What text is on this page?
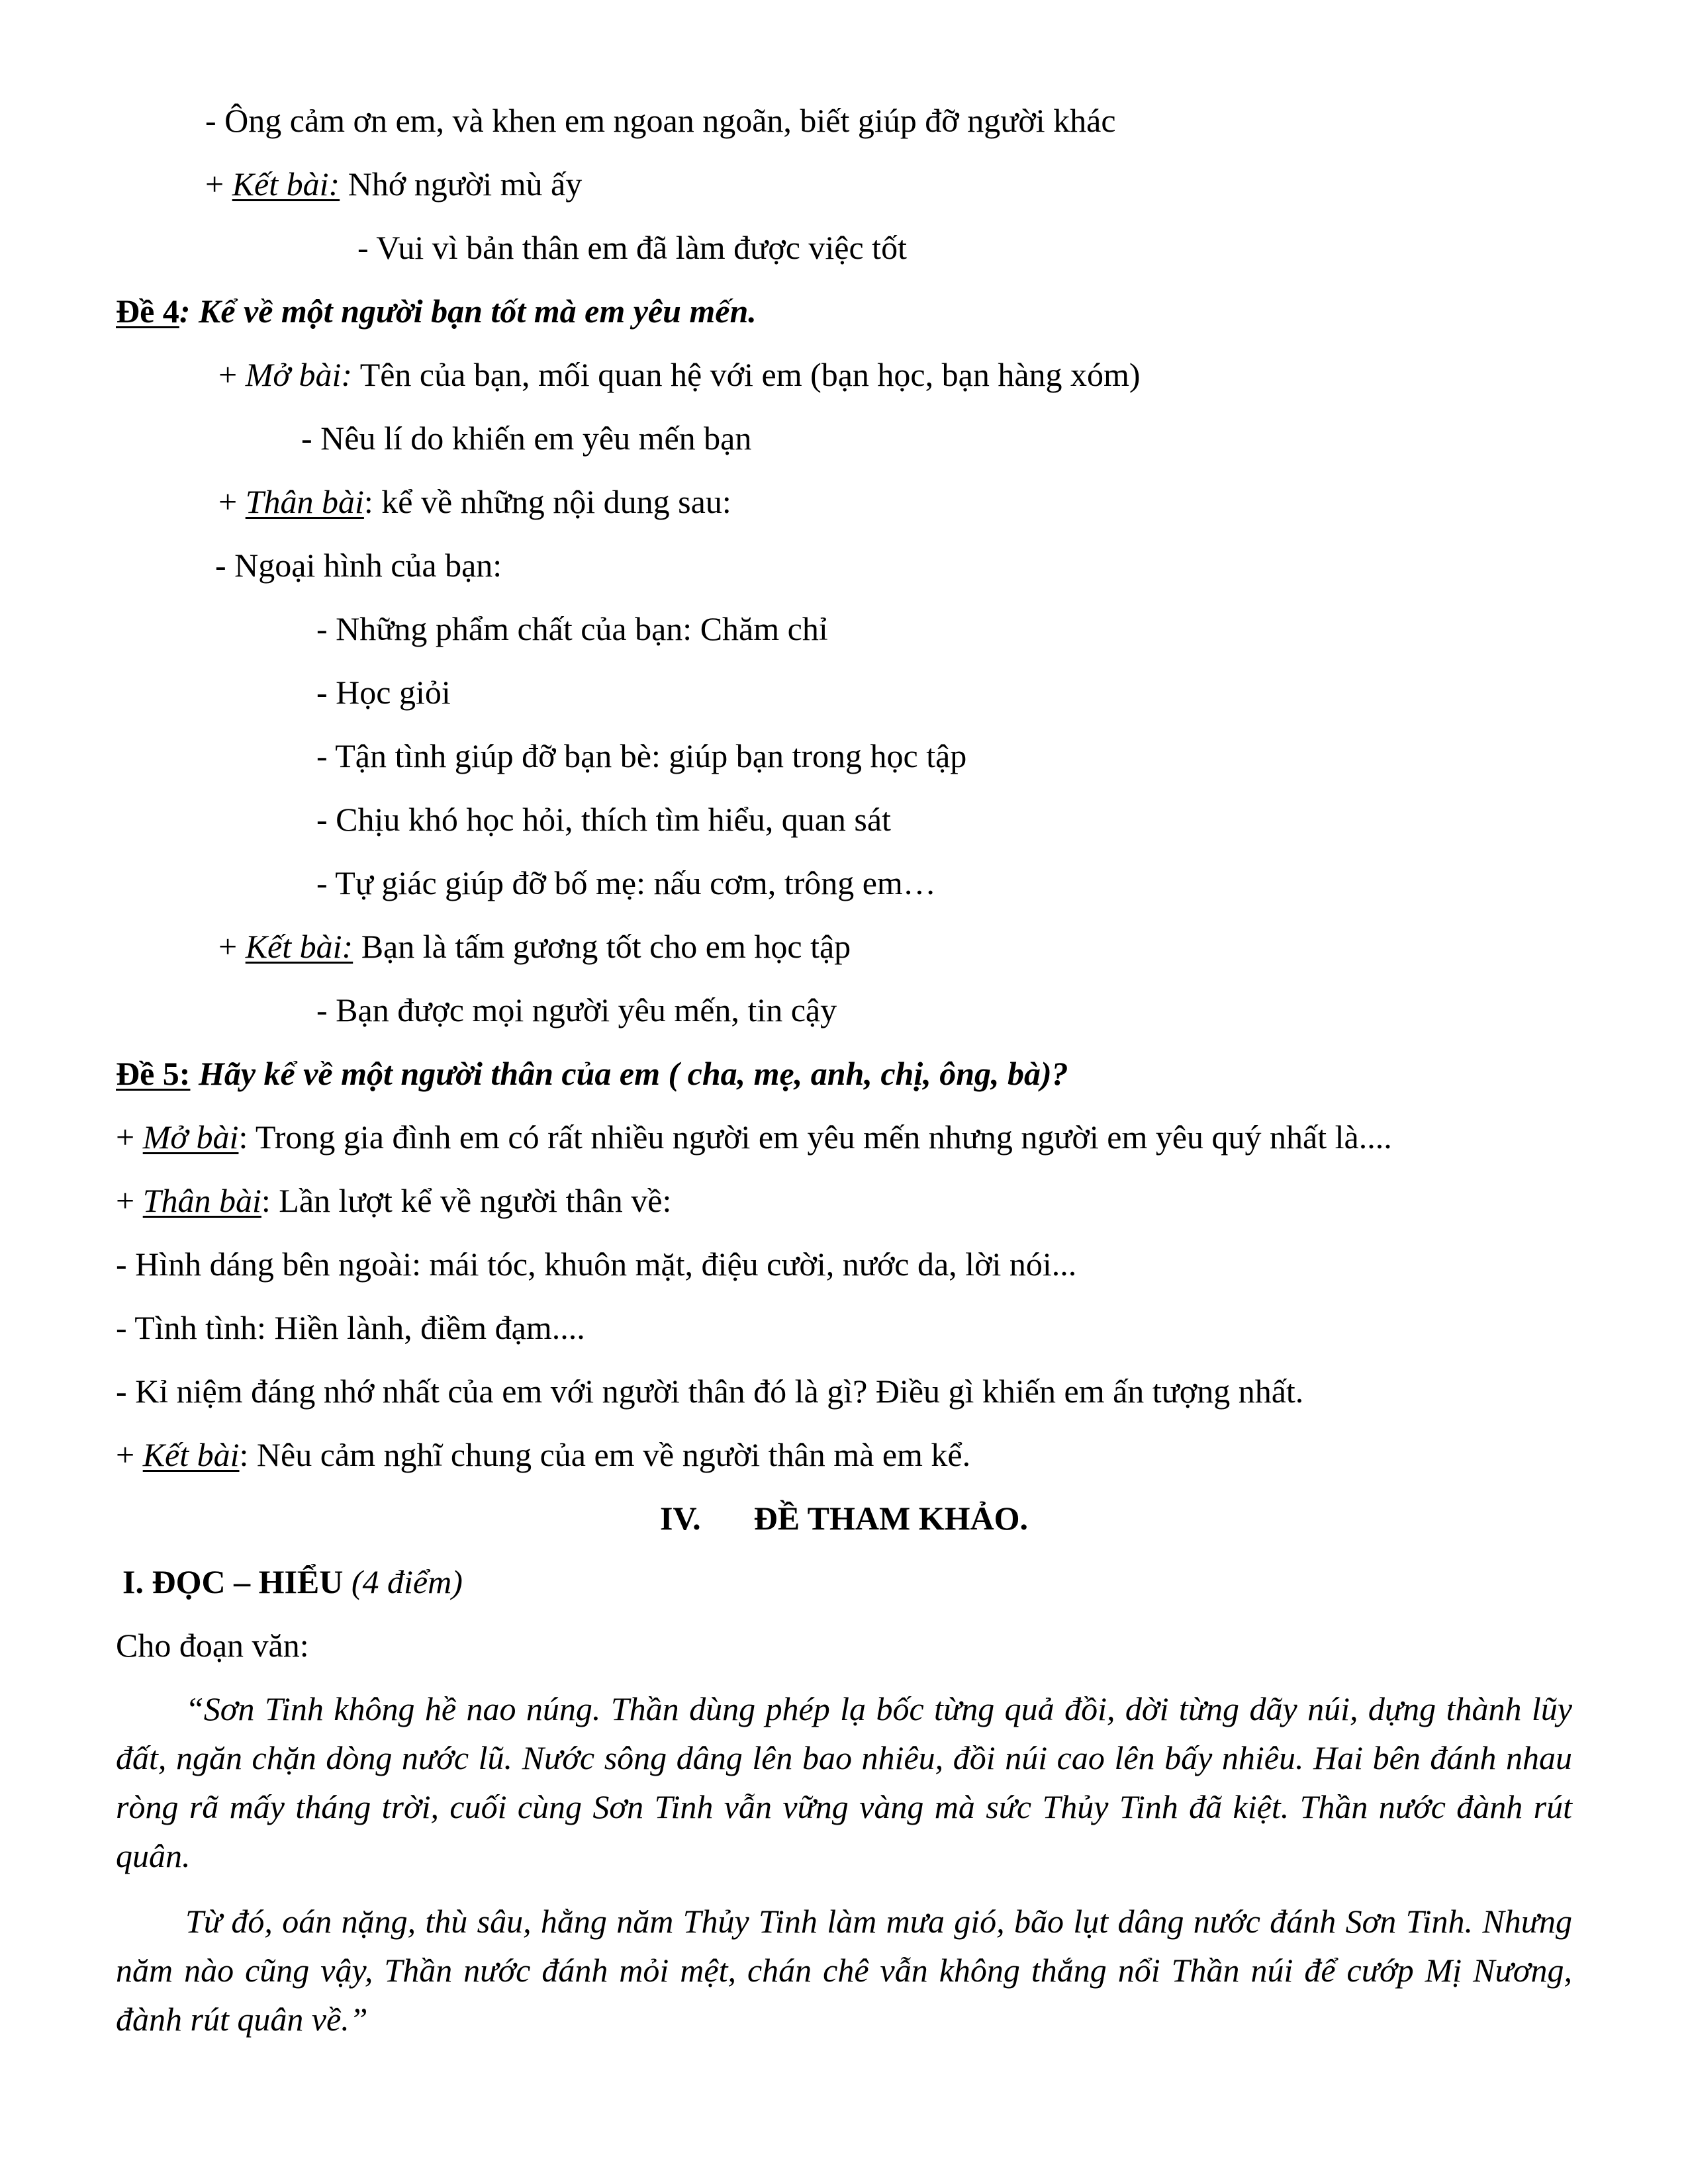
- Ông cảm ơn em, và khen em ngoan ngoãn, biết giúp đỡ người khác
+ Kết bài: Nhớ người mù ấy
- Vui vì bản thân em đã làm được việc tốt
Đề 4: Kể về một người bạn tốt mà em yêu mến.
+ Mở bài: Tên của bạn, mối quan hệ với em (bạn học, bạn hàng xóm)
- Nêu lí do khiến em yêu mến bạn
+ Thân bài: kể về những nội dung sau:
- Ngoại hình của bạn:
- Những phẩm chất của bạn: Chăm chỉ
- Học giỏi
- Tận tình giúp đỡ bạn bè: giúp bạn trong học tập
- Chịu khó học hỏi, thích tìm hiểu, quan sát
- Tự giác giúp đỡ bố mẹ: nấu cơm, trông em…
+ Kết bài: Bạn là tấm gương tốt cho em học tập
- Bạn được mọi người yêu mến, tin cậy
Đề 5: Hãy kể về một người thân của em ( cha, mẹ, anh, chị, ông, bà)?
+ Mở bài: Trong gia đình em có rất nhiều người em yêu mến nhưng người em yêu quý nhất là....
+ Thân bài: Lần lượt kể về người thân về:
- Hình dáng bên ngoài: mái tóc, khuôn mặt, điệu cười, nước da, lời nói...
- Tình tình: Hiền lành, điềm đạm....
- Kỉ niệm đáng nhớ nhất của em với người thân đó là gì? Điều gì khiến em ấn tượng nhất.
+ Kết bài: Nêu cảm nghĩ chung của em về người thân mà em kể.
IV. ĐỀ THAM KHẢO.
I. ĐỌC – HIỂU (4 điểm)
Cho đoạn văn:
“Sơn Tinh không hề nao núng. Thần dùng phép lạ bốc từng quả đồi, dời từng dãy núi, dựng thành lũy đất, ngăn chặn dòng nước lũ. Nước sông dâng lên bao nhiêu, đồi núi cao lên bấy nhiêu. Hai bên đánh nhau ròng rã mấy tháng trời, cuối cùng Sơn Tinh vẫn vững vàng mà sức Thủy Tinh đã kiệt. Thần nước đành rút quân.
Từ đó, oán nặng, thù sâu, hằng năm Thủy Tinh làm mưa gió, bão lụt dâng nước đánh Sơn Tinh. Nhưng năm nào cũng vậy, Thần nước đánh mỏi mệt, chán chê vẫn không thắng nổi Thần núi để cướp Mị Nương, đành rút quân về.”
